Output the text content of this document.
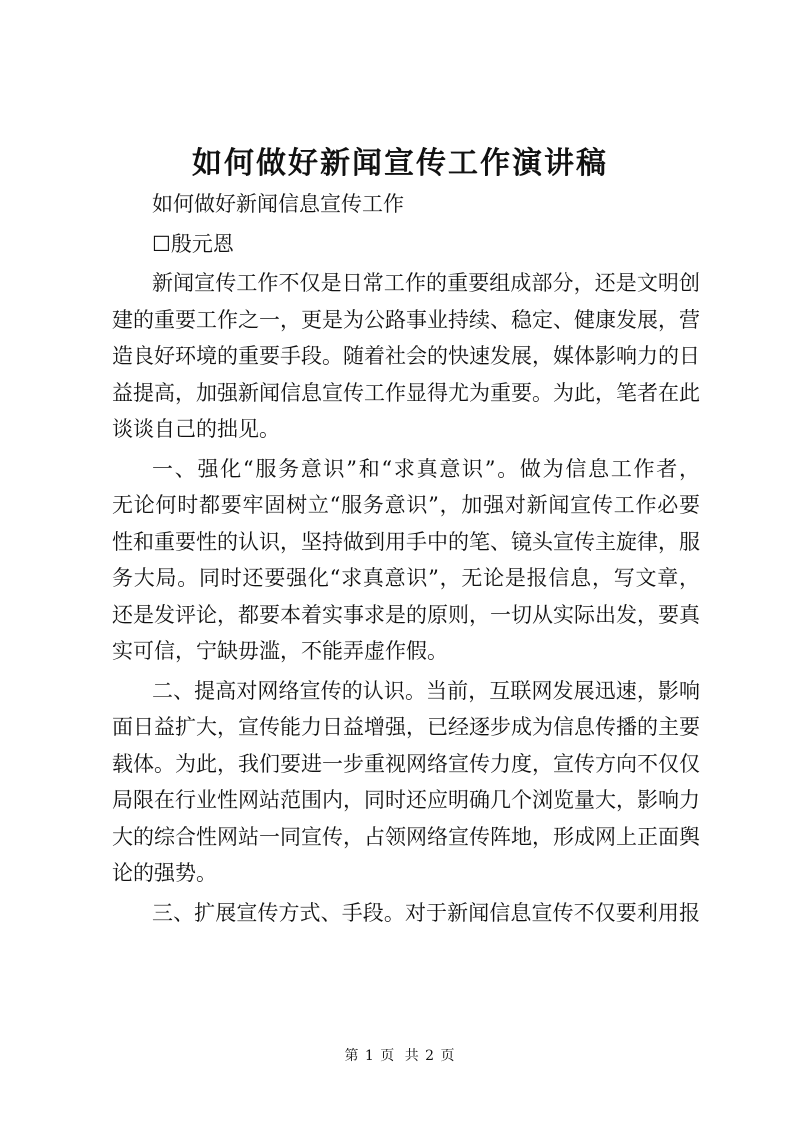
如何做好新闻宣传工作演讲稿
如何做好新闻信息宣传工作
☐殷元恩
新闻宣传工作不仅是日常工作的重要组成部分，还是文明创
建的重要工作之一，更是为公路事业持续、稳定、健康发展，营
造良好环境的重要手段。随着社会的快速发展，媒体影响力的日
益提高，加强新闻信息宣传工作显得尤为重要。为此，笔者在此
谈谈自己的拙见。
一、强化“服务意识”和“求真意识”。做为信息工作者，
无论何时都要牢固树立“服务意识”，加强对新闻宣传工作必要
性和重要性的认识，坚持做到用手中的笔、镜头宣传主旋律，服
务大局。同时还要强化“求真意识”，无论是报信息，写文章，
还是发评论，都要本着实事求是的原则，一切从实际出发，要真
实可信，宁缺毋滥，不能弄虚作假。
二、提高对网络宣传的认识。当前，互联网发展迅速，影响
面日益扩大，宣传能力日益增强，已经逐步成为信息传播的主要
载体。为此，我们要进一步重视网络宣传力度，宣传方向不仅仅
局限在行业性网站范围内，同时还应明确几个浏览量大，影响力
大的综合性网站一同宣传，占领网络宣传阵地，形成网上正面舆
论的强势。
三、扩展宣传方式、手段。对于新闻信息宣传不仅要利用报
第 1 页 共 2 页
